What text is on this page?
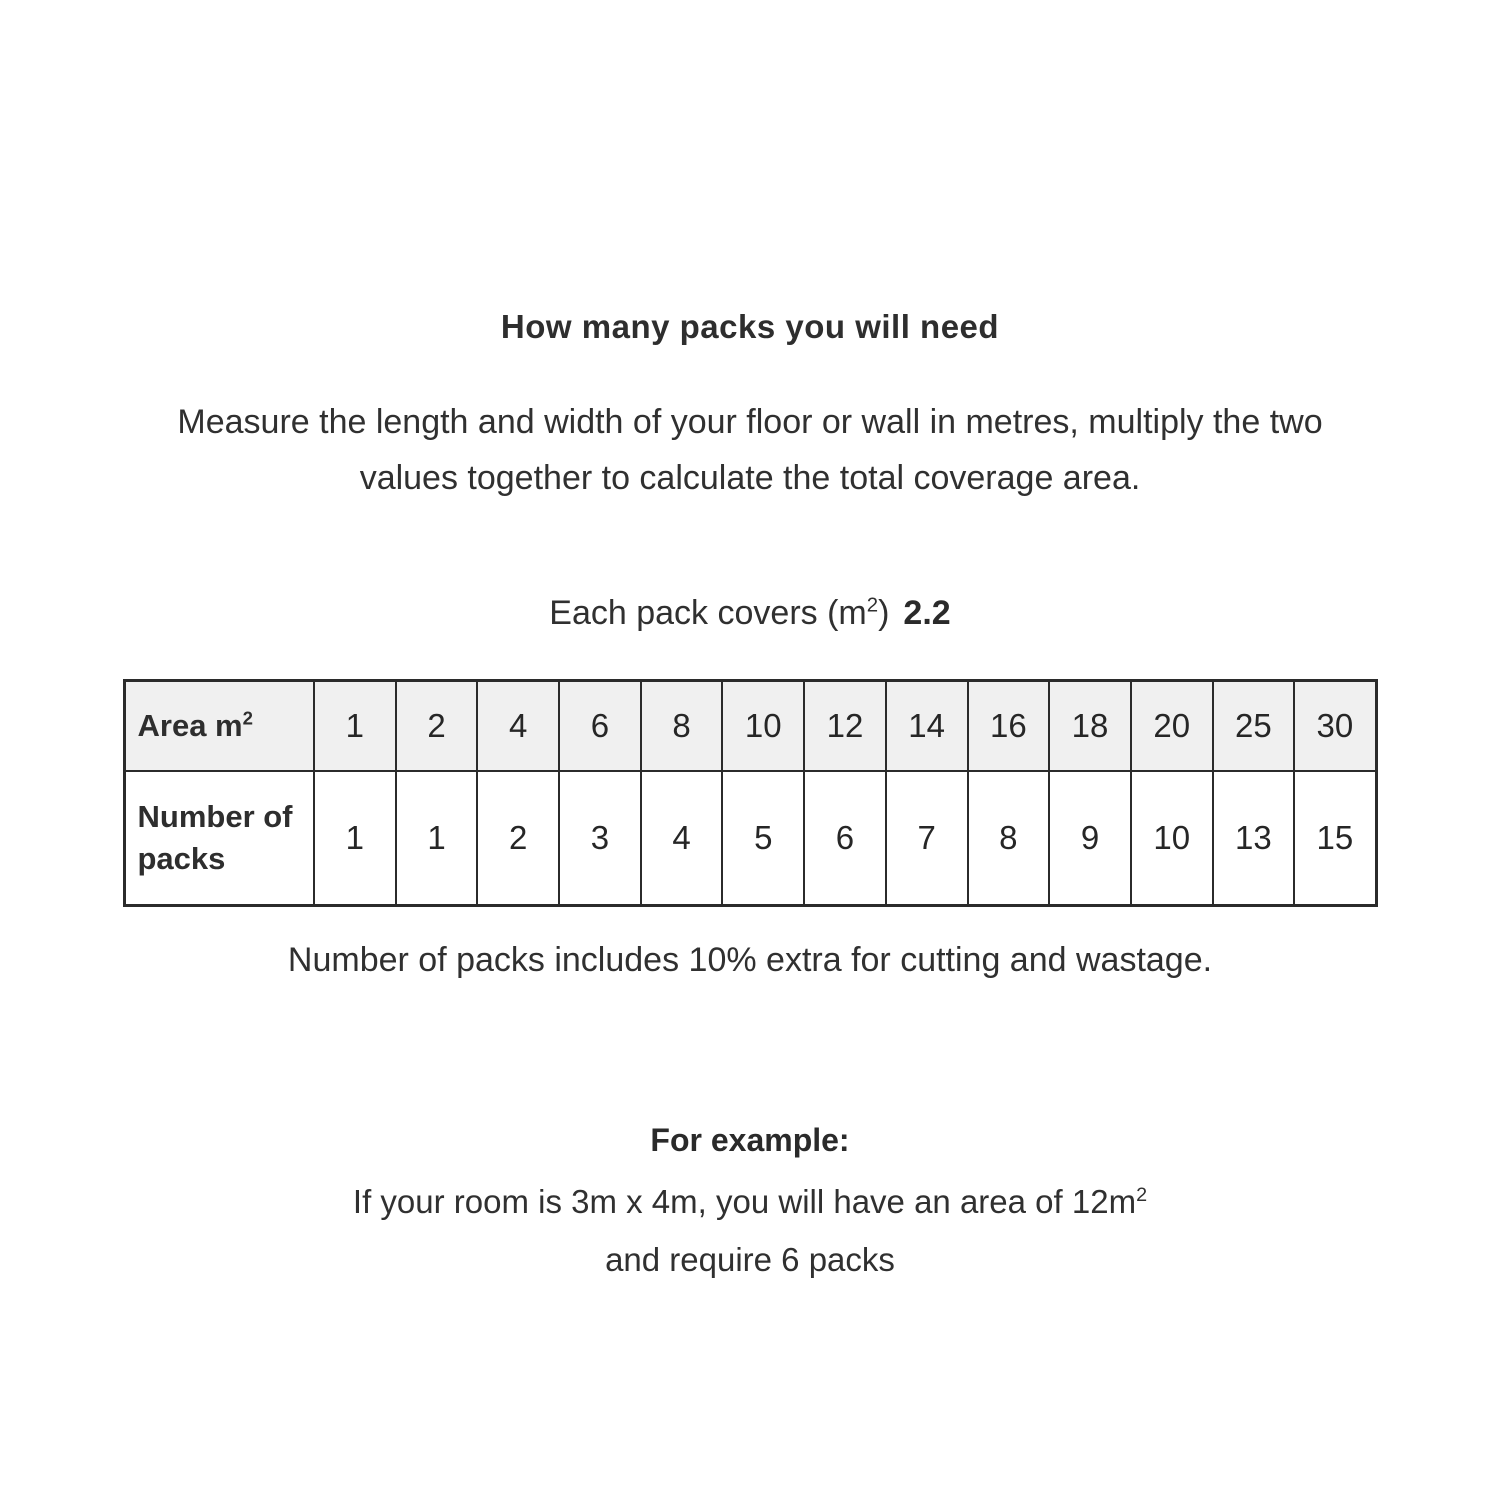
How many packs you will need
Measure the length and width of your floor or wall in metres, multiply the two values together to calculate the total coverage area.
Each pack covers $(m^2)$ 2.2
Area $m^2$	1	2	4	6	8	10	12	14	16	18	20	25	30
Number of packs	1	1	2	3	4	5	6	7	8	9	10	13	15
Number of packs includes 10% extra for cutting and wastage.
For example:
If your room is 3m x 4m, you will have an area of $12m^2$
and require 6 packs
